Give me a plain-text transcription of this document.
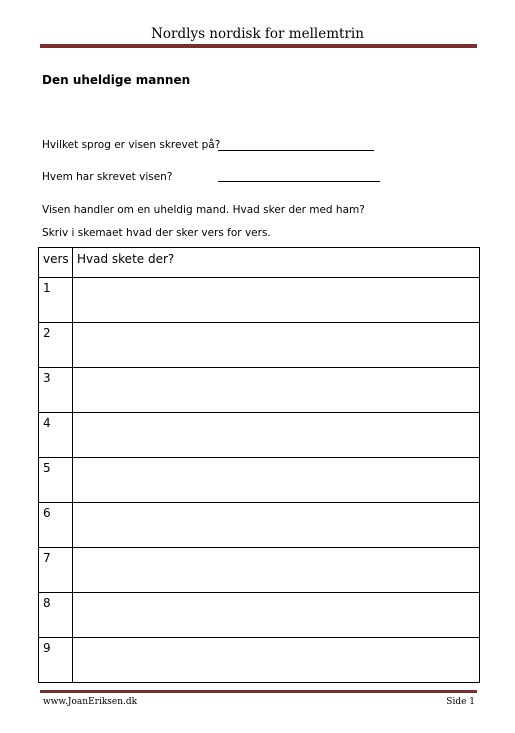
Nordlys nordisk for mellemtrin
Den uheldige mannen
Hvilket sprog er visen skrevet på?
Hvem har skrevet visen?
Visen handler om en uheldig mand. Hvad sker der med ham?
Skriv i skemaet hvad der sker vers for vers.
vers	Hvad skete der?
1	
2	
3	
4	
5	
6	
7	
8	
9	
www.JoanEriksen.dk	Side 1
